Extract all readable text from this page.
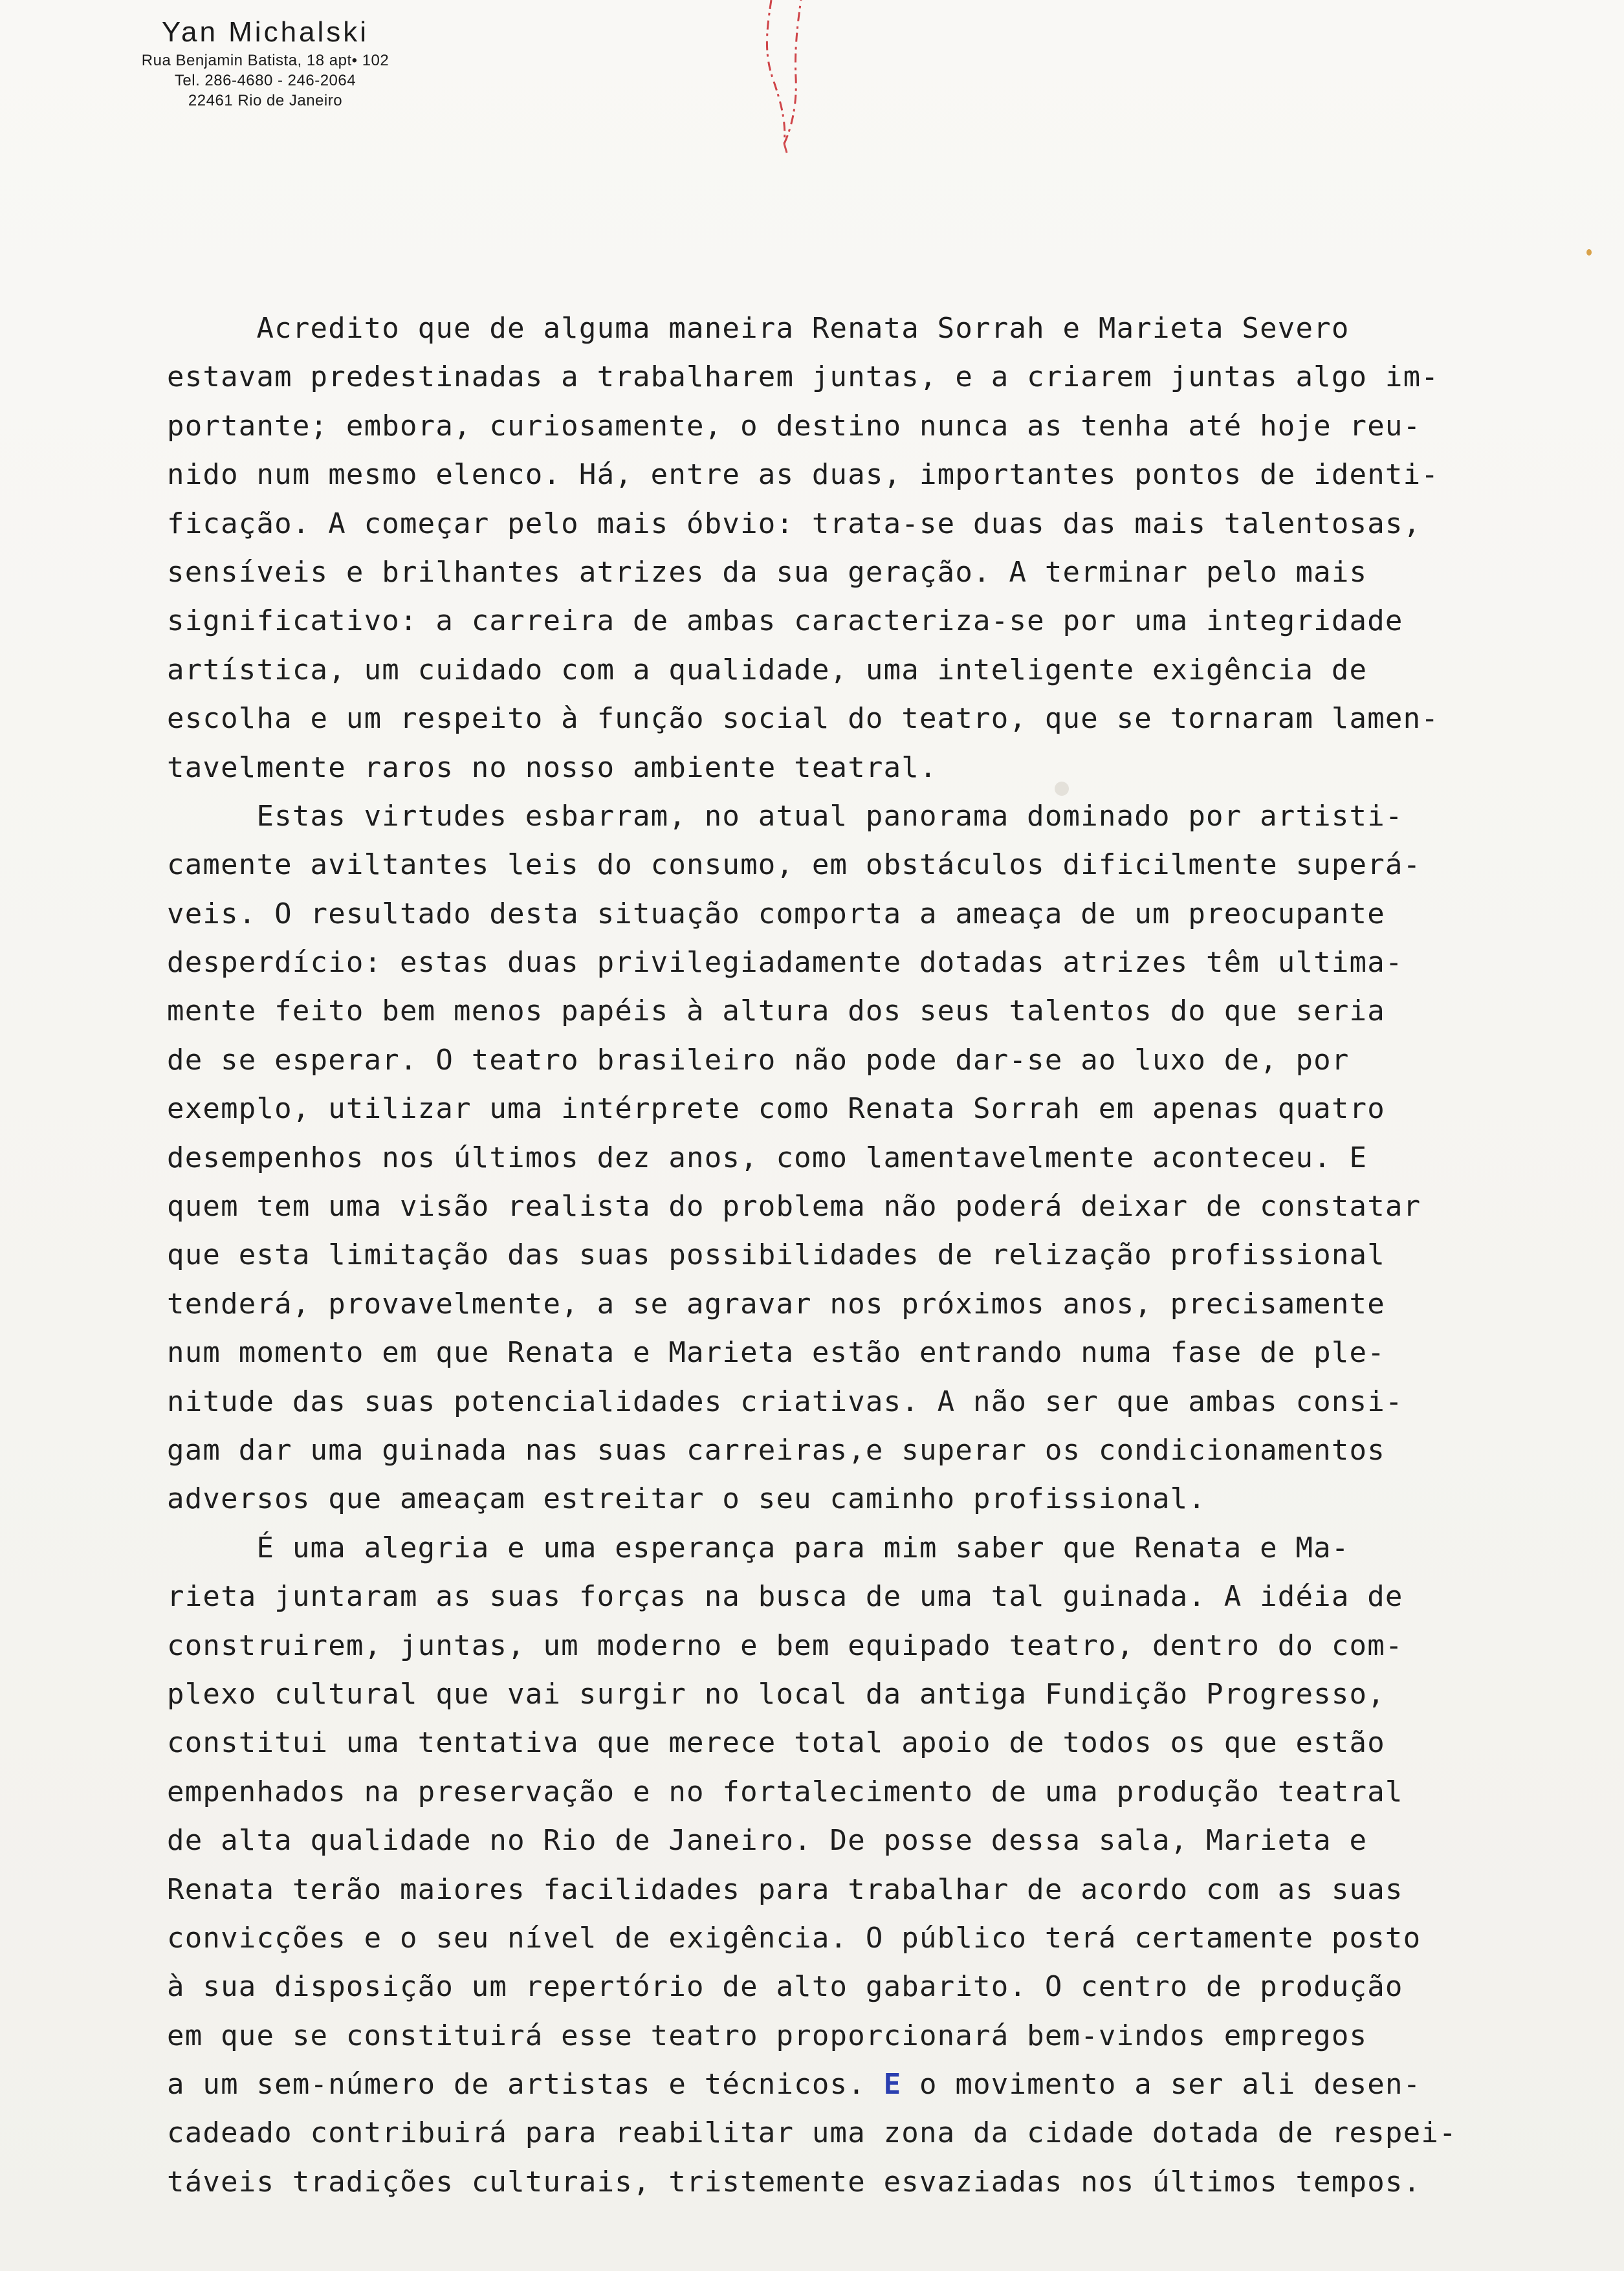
Yan Michalski
Rua Benjamin Batista, 18 apt• 102
Tel. 286-4680 - 246-2064
22461 Rio de Janeiro
Acredito que de alguma maneira Renata Sorrah e Marieta Severo
estavam predestinadas a trabalharem juntas, e a criarem juntas algo im-
portante; embora, curiosamente, o destino nunca as tenha até hoje reu-
nido num mesmo elenco. Há, entre as duas, importantes pontos de identi-
ficação. A começar pelo mais óbvio: trata-se duas das mais talentosas,
sensíveis e brilhantes atrizes da sua geração. A terminar pelo mais
significativo: a carreira de ambas caracteriza-se por uma integridade
artística, um cuidado com a qualidade, uma inteligente exigência de
escolha e um respeito à função social do teatro, que se tornaram lamen-
tavelmente raros no nosso ambiente teatral.
Estas virtudes esbarram, no atual panorama dominado por artisti-
camente aviltantes leis do consumo, em obstáculos dificilmente superá-
veis. O resultado desta situação comporta a ameaça de um preocupante
desperdício: estas duas privilegiadamente dotadas atrizes têm ultima-
mente feito bem menos papéis à altura dos seus talentos do que seria
de se esperar. O teatro brasileiro não pode dar-se ao luxo de, por
exemplo, utilizar uma intérprete como Renata Sorrah em apenas quatro
desempenhos nos últimos dez anos, como lamentavelmente aconteceu. E
quem tem uma visão realista do problema não poderá deixar de constatar
que esta limitação das suas possibilidades de relização profissional
tenderá, provavelmente, a se agravar nos próximos anos, precisamente
num momento em que Renata e Marieta estão entrando numa fase de ple-
nitude das suas potencialidades criativas. A não ser que ambas consi-
gam dar uma guinada nas suas carreiras,e superar os condicionamentos
adversos que ameaçam estreitar o seu caminho profissional.
É uma alegria e uma esperança para mim saber que Renata e Ma-
rieta juntaram as suas forças na busca de uma tal guinada. A idéia de
construirem, juntas, um moderno e bem equipado teatro, dentro do com-
plexo cultural que vai surgir no local da antiga Fundição Progresso,
constitui uma tentativa que merece total apoio de todos os que estão
empenhados na preservação e no fortalecimento de uma produção teatral
de alta qualidade no Rio de Janeiro. De posse dessa sala, Marieta e
Renata terão maiores facilidades para trabalhar de acordo com as suas
convicções e o seu nível de exigência. O público terá certamente posto
à sua disposição um repertório de alto gabarito. O centro de produção
em que se constituirá esse teatro proporcionará bem-vindos empregos
a um sem-número de artistas e técnicos. E o movimento a ser ali desen-
cadeado contribuirá para reabilitar uma zona da cidade dotada de respei-
táveis tradições culturais, tristemente esvaziadas nos últimos tempos.
